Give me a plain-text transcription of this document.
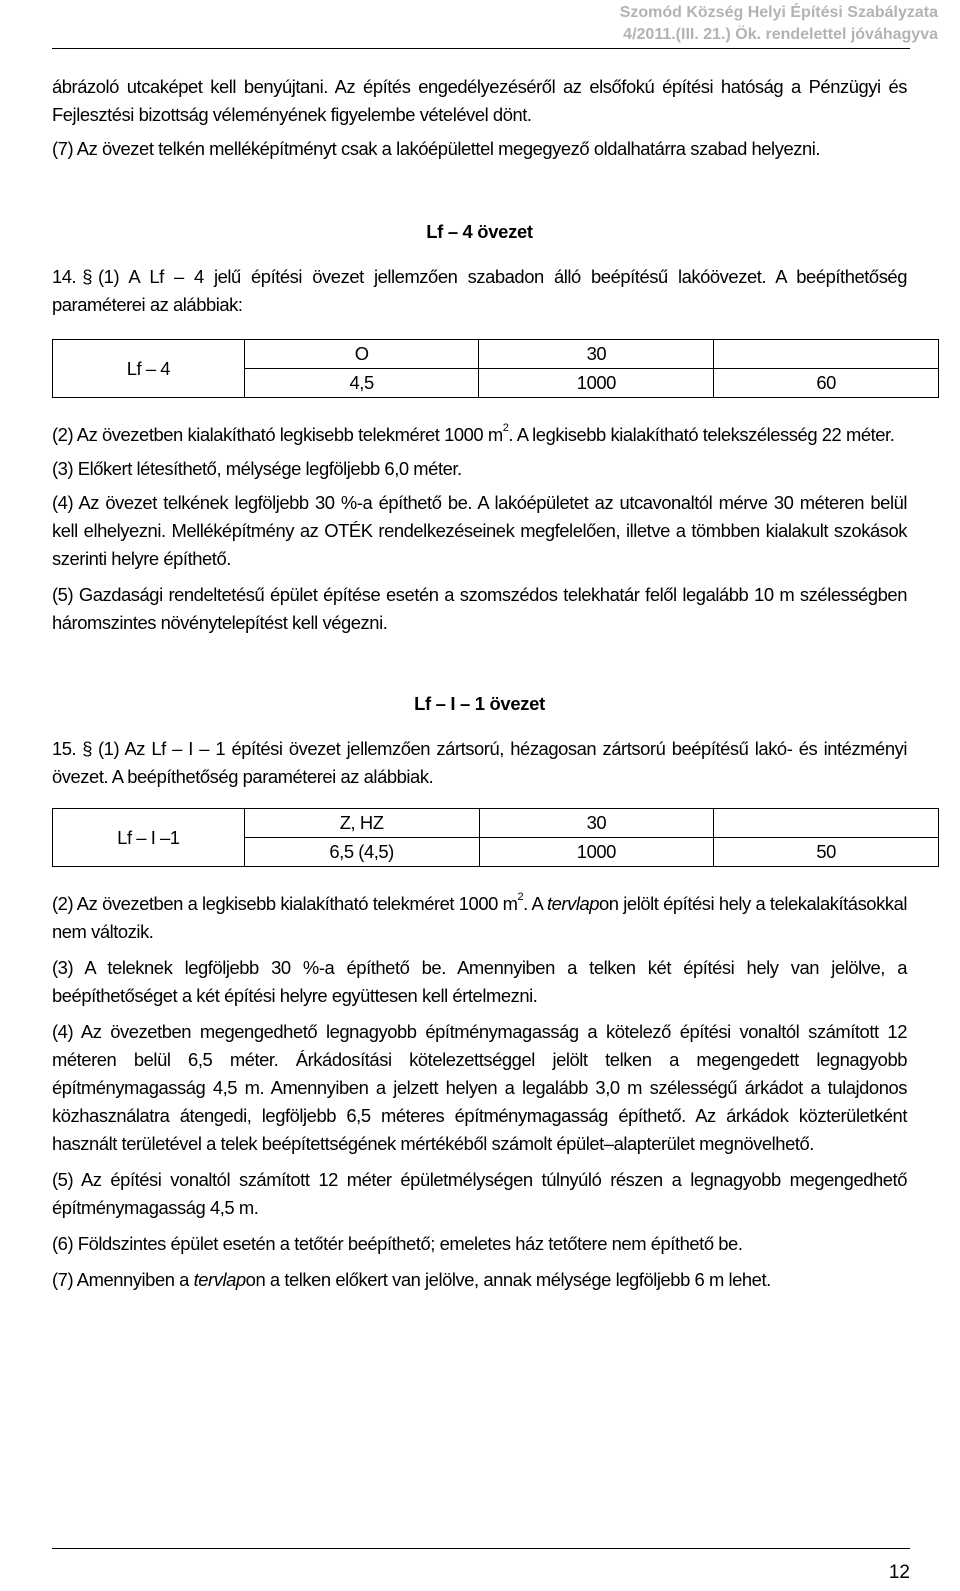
Szomód Község Helyi Építési Szabályzata
4/2011.(III. 21.) Ök. rendelettel jóváhagyva

ábrázoló utcaképet kell benyújtani. Az építés engedélyezéséről az elsőfokú építési hatóság a Pénzügyi és Fejlesztési bizottság véleményének figyelembe vételével dönt.

(7) Az övezet telkén melléképítményt csak a lakóépülettel megegyező oldalhatárra szabad helyezni.

Lf – 4 övezet

14. § (1) A Lf – 4 jelű építési övezet jellemzően szabadon álló beépítésű lakóövezet. A beépíthetőség paraméterei az alábbiak:

Lf – 4	O	30	
	4,5	1000	60

(2) Az övezetben kialakítható legkisebb telekméret 1000 $m^2$. A legkisebb kialakítható telekszélesség 22 méter.

(3) Előkert létesíthető, mélysége legföljebb 6,0 méter.

(4) Az övezet telkének legföljebb 30 %-a építhető be. A lakóépületet az utcavonaltól mérve 30 méteren belül kell elhelyezni. Melléképítmény az OTÉK rendelkezéseinek megfelelően, illetve a tömbben kialakult szokások szerinti helyre építhető.

(5) Gazdasági rendeltetésű épület építése esetén a szomszédos telekhatár felől legalább 10 m szélességben háromszintes növénytelepítést kell végezni.

Lf – I – 1 övezet

15. § (1) Az Lf – I – 1 építési övezet jellemzően zártsorú, hézagosan zártsorú beépítésű lakó- és intézményi övezet. A beépíthetőség paraméterei az alábbiak.

Lf – I –1	Z, HZ	30	
	6,5 (4,5)	1000	50

(2) Az övezetben a legkisebb kialakítható telekméret 1000 $m^2$. A tervlapon jelölt építési hely a telekalakításokkal nem változik.

(3) A teleknek legföljebb 30 %-a építhető be. Amennyiben a telken két építési hely van jelölve, a beépíthetőséget a két építési helyre együttesen kell értelmezni.

(4) Az övezetben megengedhető legnagyobb építménymagasság a kötelező építési vonaltól számított 12 méteren belül 6,5 méter. Árkádosítási kötelezettséggel jelölt telken a megengedett legnagyobb építménymagasság 4,5 m. Amennyiben a jelzett helyen a legalább 3,0 m szélességű árkádot a tulajdonos közhasználatra átengedi, legföljebb 6,5 méteres építménymagasság építhető. Az árkádok közterületként használt területével a telek beépítettségének mértékéből számolt épület–alapterület megnövelhető.

(5) Az építési vonaltól számított 12 méter épületmélységen túlnyúló részen a legnagyobb megengedhető építménymagasság 4,5 m.

(6) Földszintes épület esetén a tetőtér beépíthető; emeletes ház tetőtere nem építhető be.

(7) Amennyiben a tervlapon a telken előkert van jelölve, annak mélysége legföljebb 6 m lehet.

12
